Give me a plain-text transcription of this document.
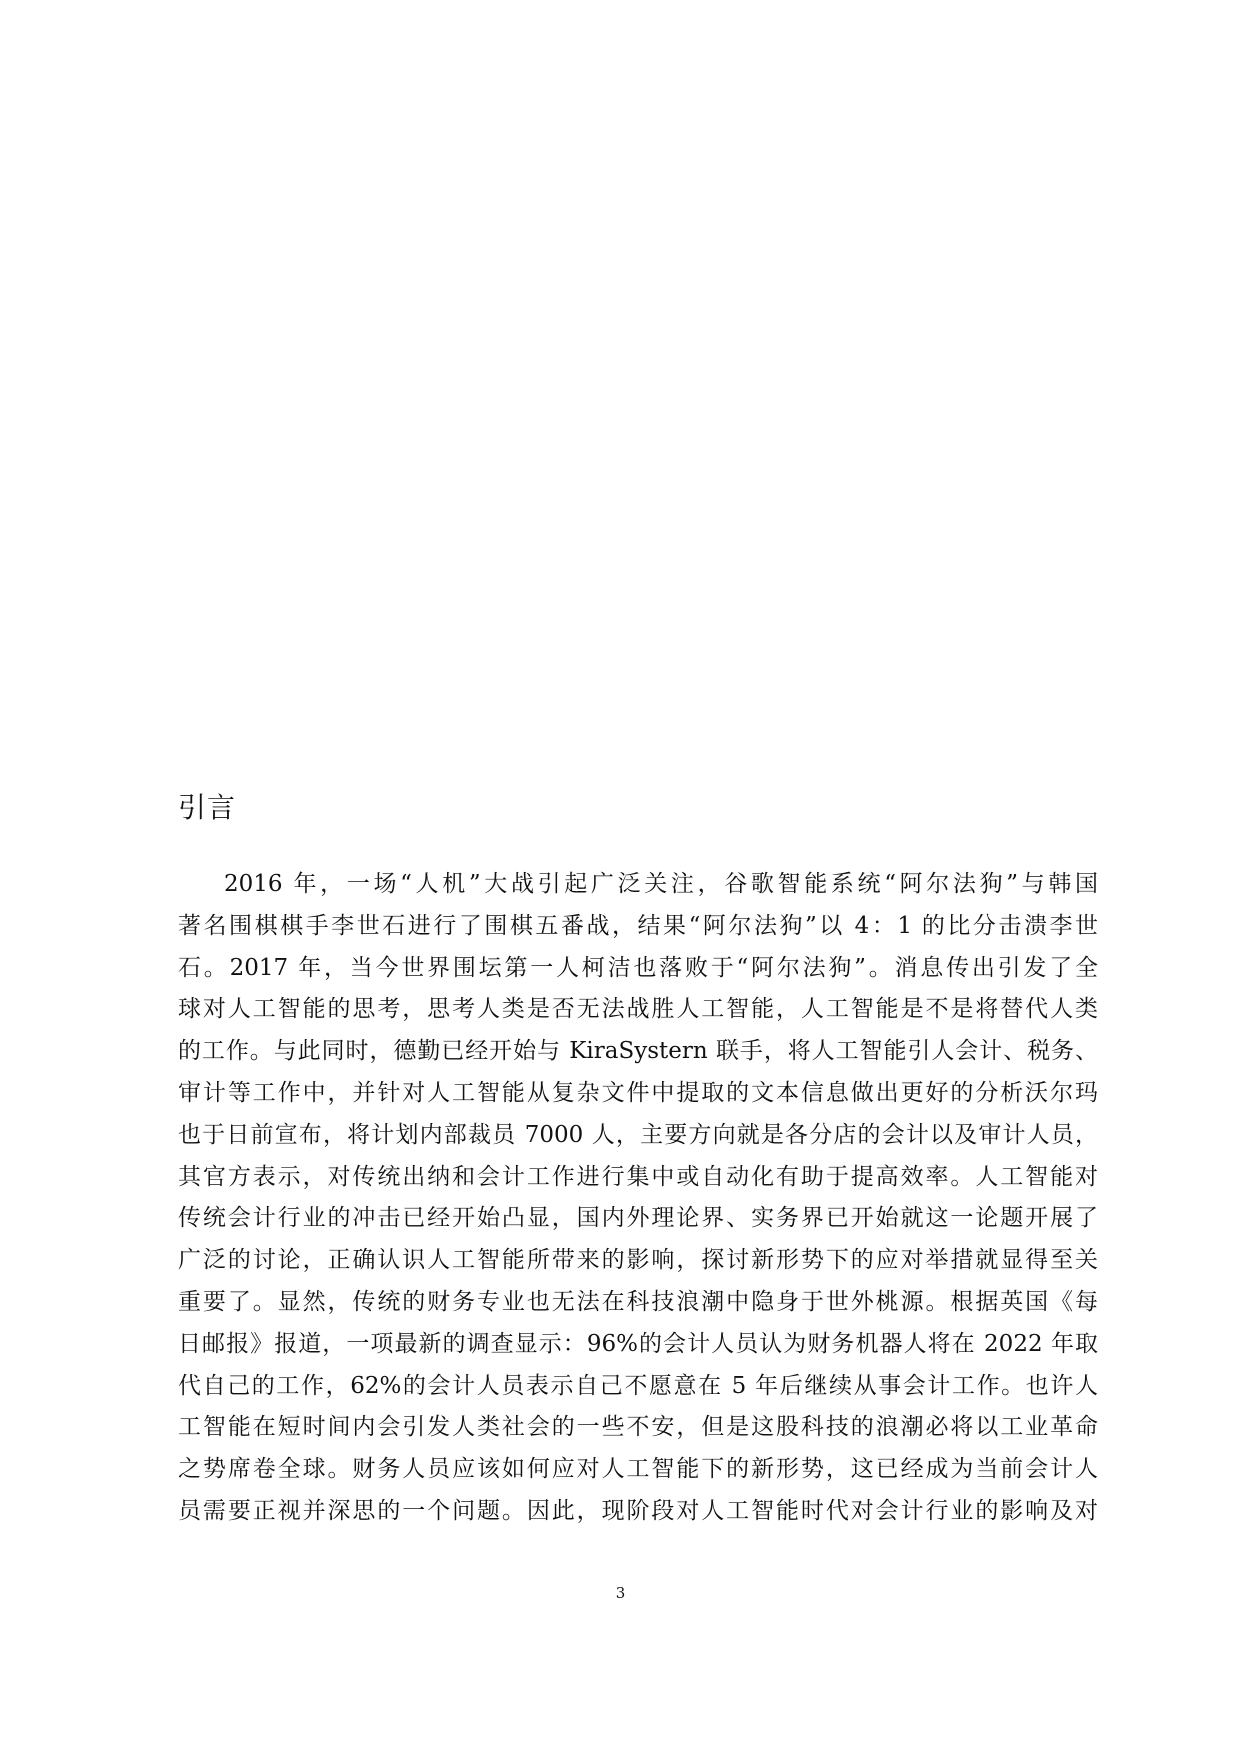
引言
2016 年，一场“人机”大战引起广泛关注，谷歌智能系统“阿尔法狗”与韩国
著名围棋棋手李世石进行了围棋五番战，结果“阿尔法狗”以 4：1 的比分击溃李世
石。2017 年，当今世界围坛第一人柯洁也落败于“阿尔法狗”。消息传出引发了全
球对人工智能的思考，思考人类是否无法战胜人工智能，人工智能是不是将替代人类
的工作。与此同时，德勤已经开始与 KiraSystern 联手，将人工智能引人会计、税务、
审计等工作中，并针对人工智能从复杂文件中提取的文本信息做出更好的分析沃尔玛
也于日前宣布，将计划内部裁员 7000 人，主要方向就是各分店的会计以及审计人员，
其官方表示，对传统出纳和会计工作进行集中或自动化有助于提高效率。人工智能对
传统会计行业的冲击已经开始凸显，国内外理论界、实务界已开始就这一论题开展了
广泛的讨论，正确认识人工智能所带来的影响，探讨新形势下的应对举措就显得至关
重要了。显然，传统的财务专业也无法在科技浪潮中隐身于世外桃源。根据英国《每
日邮报》报道，一项最新的调查显示：96%的会计人员认为财务机器人将在 2022 年取
代自己的工作，62%的会计人员表示自己不愿意在 5 年后继续从事会计工作。也许人
工智能在短时间内会引发人类社会的一些不安，但是这股科技的浪潮必将以工业革命
之势席卷全球。财务人员应该如何应对人工智能下的新形势，这已经成为当前会计人
员需要正视并深思的一个问题。因此，现阶段对人工智能时代对会计行业的影响及对
3
